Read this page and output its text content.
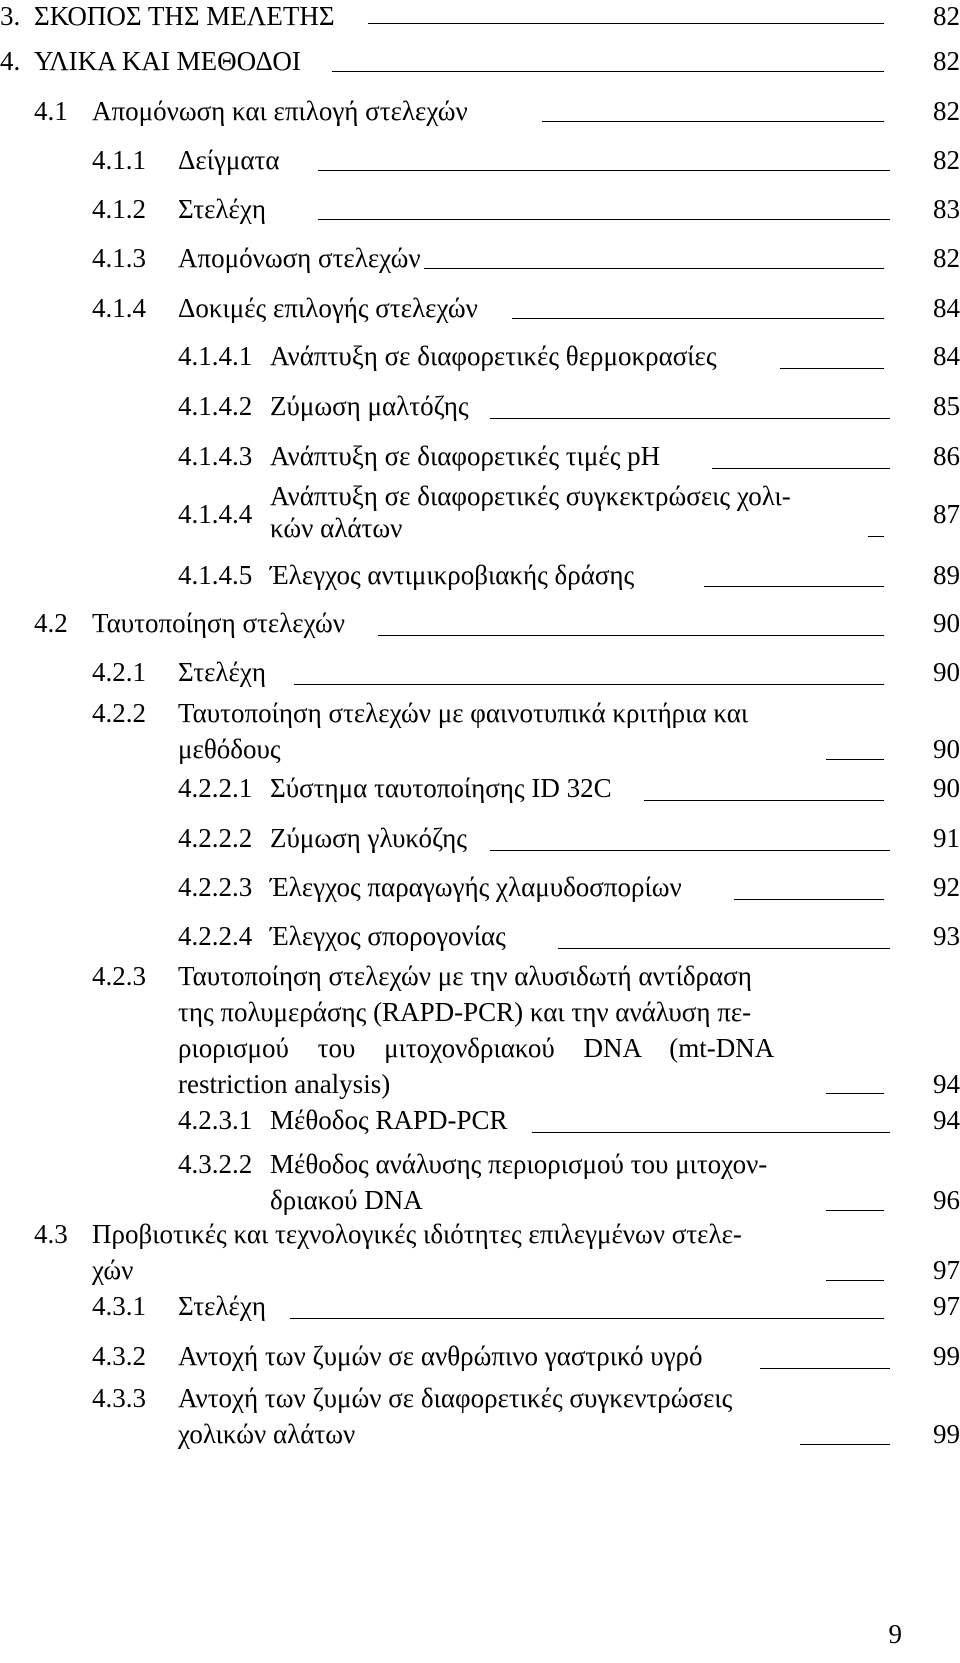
3. ΣΚΟΠΟΣ ΤΗΣ ΜΕΛΕΤΗΣ	82
4. ΥΛΙΚΑ ΚΑΙ ΜΕΘΟΔΟΙ	82
4.1 Απομόνωση και επιλογή στελεχών	82
4.1.1 Δείγματα	82
4.1.2 Στελέχη	83
4.1.3 Απομόνωση στελεχών	82
4.1.4 Δοκιμές επιλογής στελεχών	84
4.1.4.1 Ανάπτυξη σε διαφορετικές θερμοκρασίες	84
4.1.4.2 Ζύμωση μαλτόζης	85
4.1.4.3 Ανάπτυξη σε διαφορετικές τιμές pH	86
4.1.4.4
Ανάπτυξη σε διαφορετικές συγκεκτρώσεις χολι-
κών αλάτων	87
4.1.4.5 Έλεγχος αντιμικροβιακής δράσης	89
4.2 Ταυτοποίηση στελεχών	90
4.2.1 Στελέχη	90
4.2.2 Ταυτοποίηση στελεχών με φαινοτυπικά κριτήρια και
μεθόδους	90
4.2.2.1 Σύστημα ταυτοποίησης ID 32C	90
4.2.2.2 Ζύμωση γλυκόζης	91
4.2.2.3 Έλεγχος παραγωγής χλαμυδοσπορίων	92
4.2.2.4 Έλεγχος σπορογονίας	93
4.2.3 Ταυτοποίηση στελεχών με την αλυσιδωτή αντίδραση
της πολυμεράσης (RAPD-PCR) και την ανάλυση πε-
ριορισμού του μιτοχονδριακού DNA (mt-DNA
restriction analysis)	94
4.2.3.1 Μέθοδος RAPD-PCR	94
4.3.2.2 Μέθοδος ανάλυσης περιορισμού του μιτοχον-
δριακού DNA	96
4.3 Προβιοτικές και τεχνολογικές ιδιότητες επιλεγμένων στελε-
χών	97
4.3.1 Στελέχη	97
4.3.2 Αντοχή των ζυμών σε ανθρώπινο γαστρικό υγρό	99
4.3.3 Αντοχή των ζυμών σε διαφορετικές συγκεντρώσεις
χολικών αλάτων	99
9
